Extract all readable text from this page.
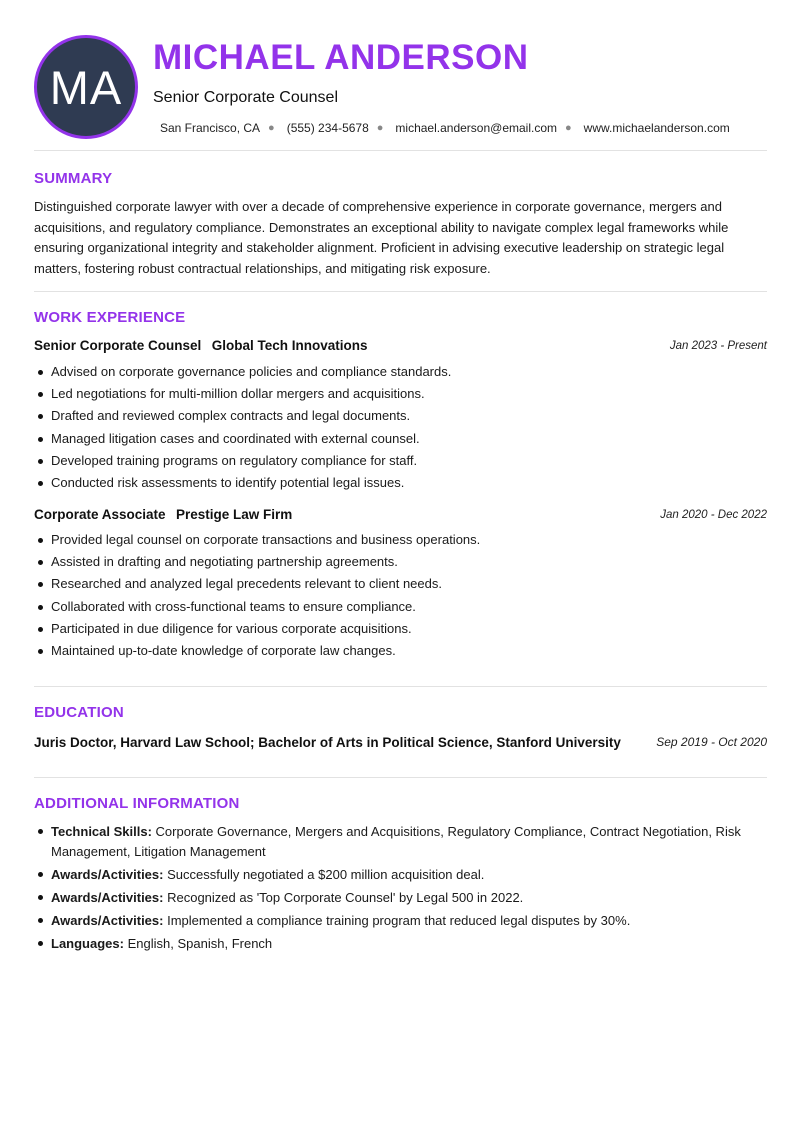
MA
MICHAEL ANDERSON
Senior Corporate Counsel
San Francisco, CA ● (555) 234-5678 ● michael.anderson@email.com ● www.michaelanderson.com
SUMMARY

Distinguished corporate lawyer with over a decade of comprehensive experience in corporate governance, mergers and acquisitions, and regulatory compliance. Demonstrates an exceptional ability to navigate complex legal frameworks while ensuring organizational integrity and stakeholder alignment. Proficient in advising executive leadership on strategic legal matters, fostering robust contractual relationships, and mitigating risk exposure.

WORK EXPERIENCE
Senior Corporate Counsel Global Tech Innovations	Jan 2023 - Present
Advised on corporate governance policies and compliance standards.
Led negotiations for multi-million dollar mergers and acquisitions.
Drafted and reviewed complex contracts and legal documents.
Managed litigation cases and coordinated with external counsel.
Developed training programs on regulatory compliance for staff.
Conducted risk assessments to identify potential legal issues.
Corporate Associate Prestige Law Firm	Jan 2020 - Dec 2022
Provided legal counsel on corporate transactions and business operations.
Assisted in drafting and negotiating partnership agreements.
Researched and analyzed legal precedents relevant to client needs.
Collaborated with cross-functional teams to ensure compliance.
Participated in due diligence for various corporate acquisitions.
Maintained up-to-date knowledge of corporate law changes.
EDUCATION
Juris Doctor, Harvard Law School; Bachelor of Arts in Political Science, Stanford University	Sep 2019 - Oct 2020
ADDITIONAL INFORMATION
Technical Skills: Corporate Governance, Mergers and Acquisitions, Regulatory Compliance, Contract Negotiation, Risk Management, Litigation Management
Awards/Activities: Successfully negotiated a $200 million acquisition deal.
Awards/Activities: Recognized as 'Top Corporate Counsel' by Legal 500 in 2022.
Awards/Activities: Implemented a compliance training program that reduced legal disputes by 30%.
Languages: English , Spanish , French
